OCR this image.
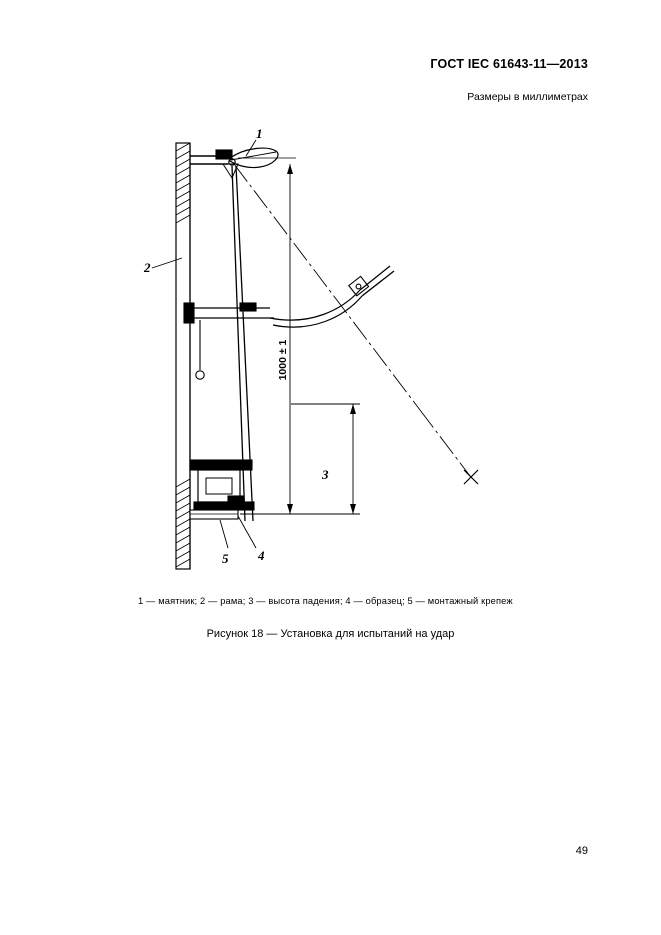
ГОСТ IEC 61643-11—2013
Размеры в миллиметрах
1
2
3
4
5
1000 ± 1
1 — маятник; 2 — рама; 3 — высота падения; 4 — образец; 5 — монтажный крепеж
Рисунок 18 — Установка для испытаний на удар
49
